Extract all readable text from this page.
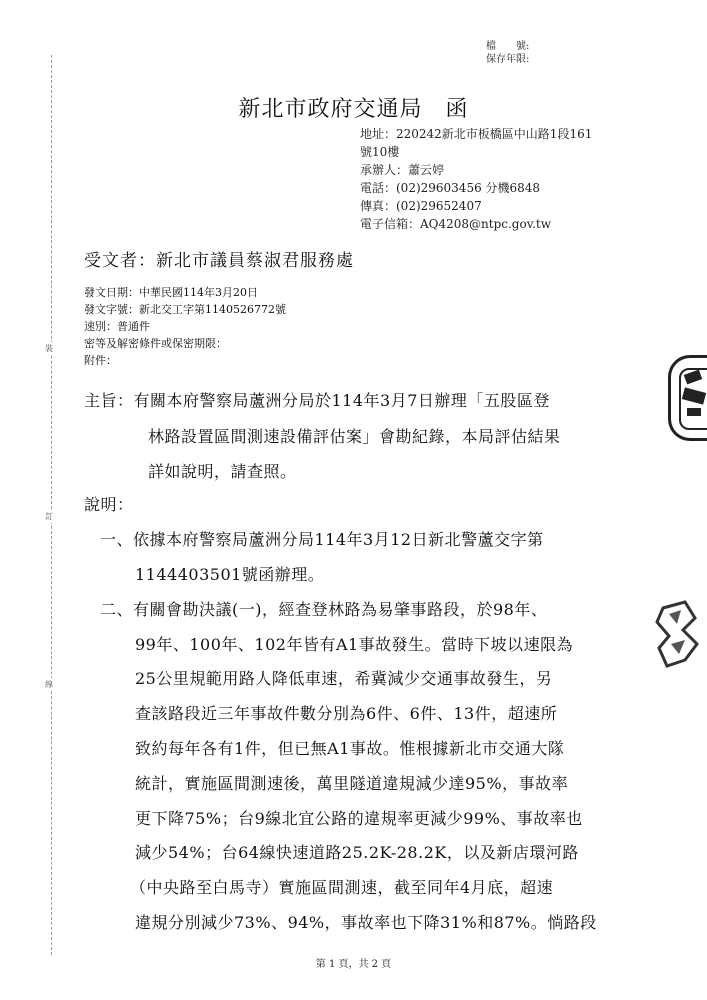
裝
訂
線
檔　　號:
保存年限:
新北市政府交通局　函
地址：220242新北市板橋區中山路1段161
號10樓
承辦人：蕭云婷
電話：(02)29603456 分機6848
傳真：(02)29652407
電子信箱：AQ4208@ntpc.gov.tw
受文者：新北市議員蔡淑君服務處
發文日期：中華民國114年3月20日
發文字號：新北交工字第1140526772號
速別：普通件
密等及解密條件或保密期限：
附件：
主旨：有關本府警察局蘆洲分局於114年3月7日辦理「五股區登
林路設置區間測速設備評估案」會勘紀錄，本局評估結果
詳如說明，請查照。
說明：
一、依據本府警察局蘆洲分局114年3月12日新北警蘆交字第
1144403501號函辦理。
二、有關會勘決議(一)，經查登林路為易肇事路段，於98年、
99年、100年、102年皆有A1事故發生。當時下坡以速限為
25公里規範用路人降低車速，希冀減少交通事故發生，另
查該路段近三年事故件數分別為6件、6件、13件，超速所
致約每年各有1件，但已無A1事故。惟根據新北市交通大隊
統計，實施區間測速後，萬里隧道違規減少達95%，事故率
更下降75%；台9線北宜公路的違規率更減少99%、事故率也
減少54%；台64線快速道路25.2K-28.2K，以及新店環河路
（中央路至白馬寺）實施區間測速，截至同年4月底，超速
違規分別減少73%、94%，事故率也下降31%和87%。惝路段
第 1 頁，共 2 頁
